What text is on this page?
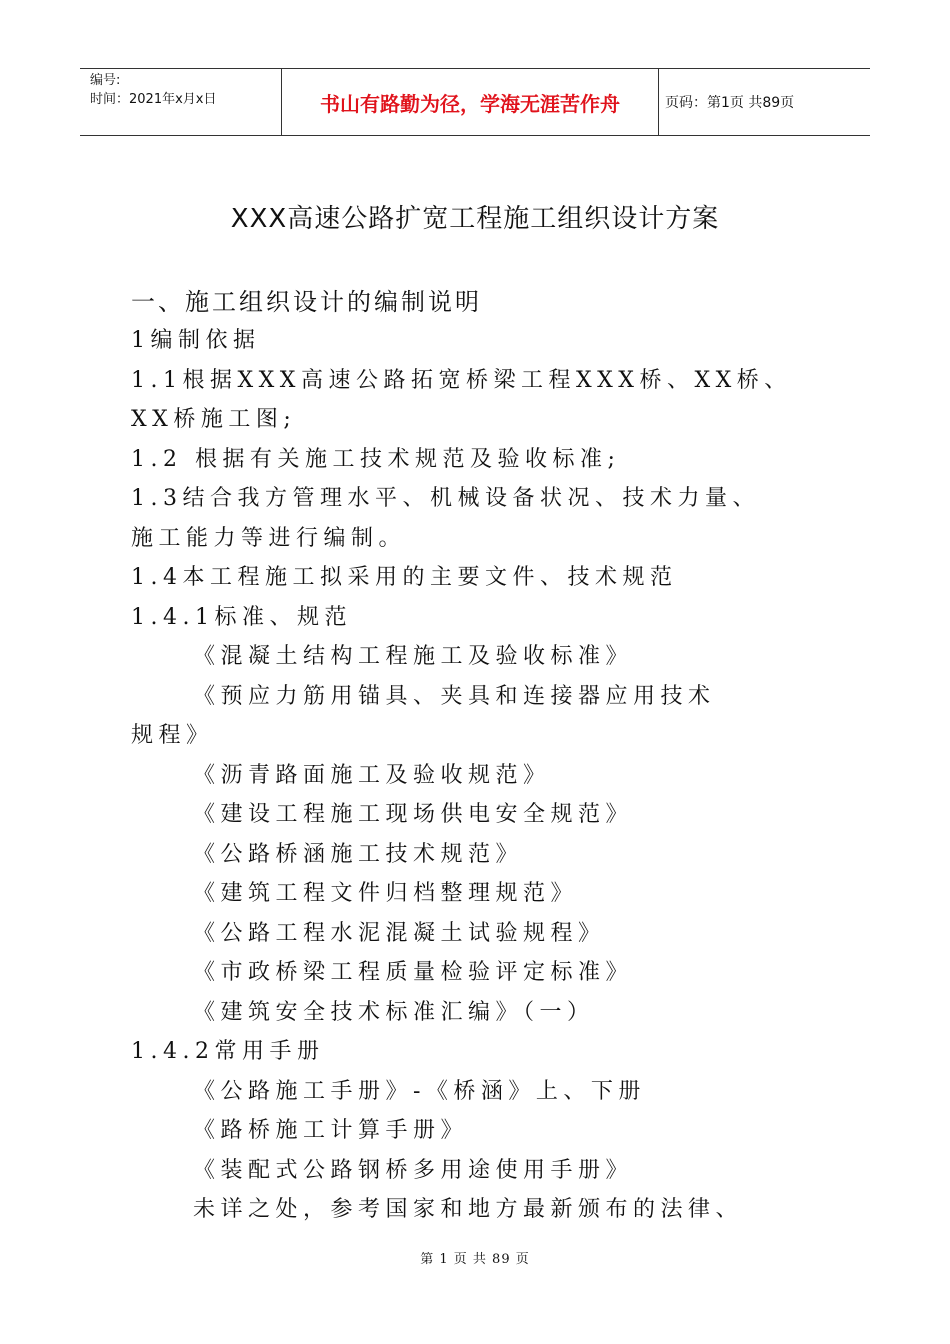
编号:
时间：2021年x月x日	书山有路勤为径，学海无涯苦作舟	页码：第1页 共89页
XXX高速公路扩宽工程施工组织设计方案
一、施工组织设计的编制说明
1编制依据
1.1根据XXX高速公路拓宽桥梁工程XXX桥、XX桥、
XX桥施工图;
1.2 根据有关施工技术规范及验收标准;
1.3结合我方管理水平、机械设备状况、技术力量、
施工能力等进行编制。
1.4本工程施工拟采用的主要文件、技术规范
1.4.1标准、规范
《混凝土结构工程施工及验收标准》
《预应力筋用锚具、夹具和连接器应用技术
规程》
《沥青路面施工及验收规范》
《建设工程施工现场供电安全规范》
《公路桥涵施工技术规范》
《建筑工程文件归档整理规范》
《公路工程水泥混凝土试验规程》
《市政桥梁工程质量检验评定标准》
《建筑安全技术标准汇编》（一）
1.4.2常用手册
《公路施工手册》-《桥涵》上、下册
《路桥施工计算手册》
《装配式公路钢桥多用途使用手册》
未详之处，参考国家和地方最新颁布的法律、
第 1 页 共 89 页
